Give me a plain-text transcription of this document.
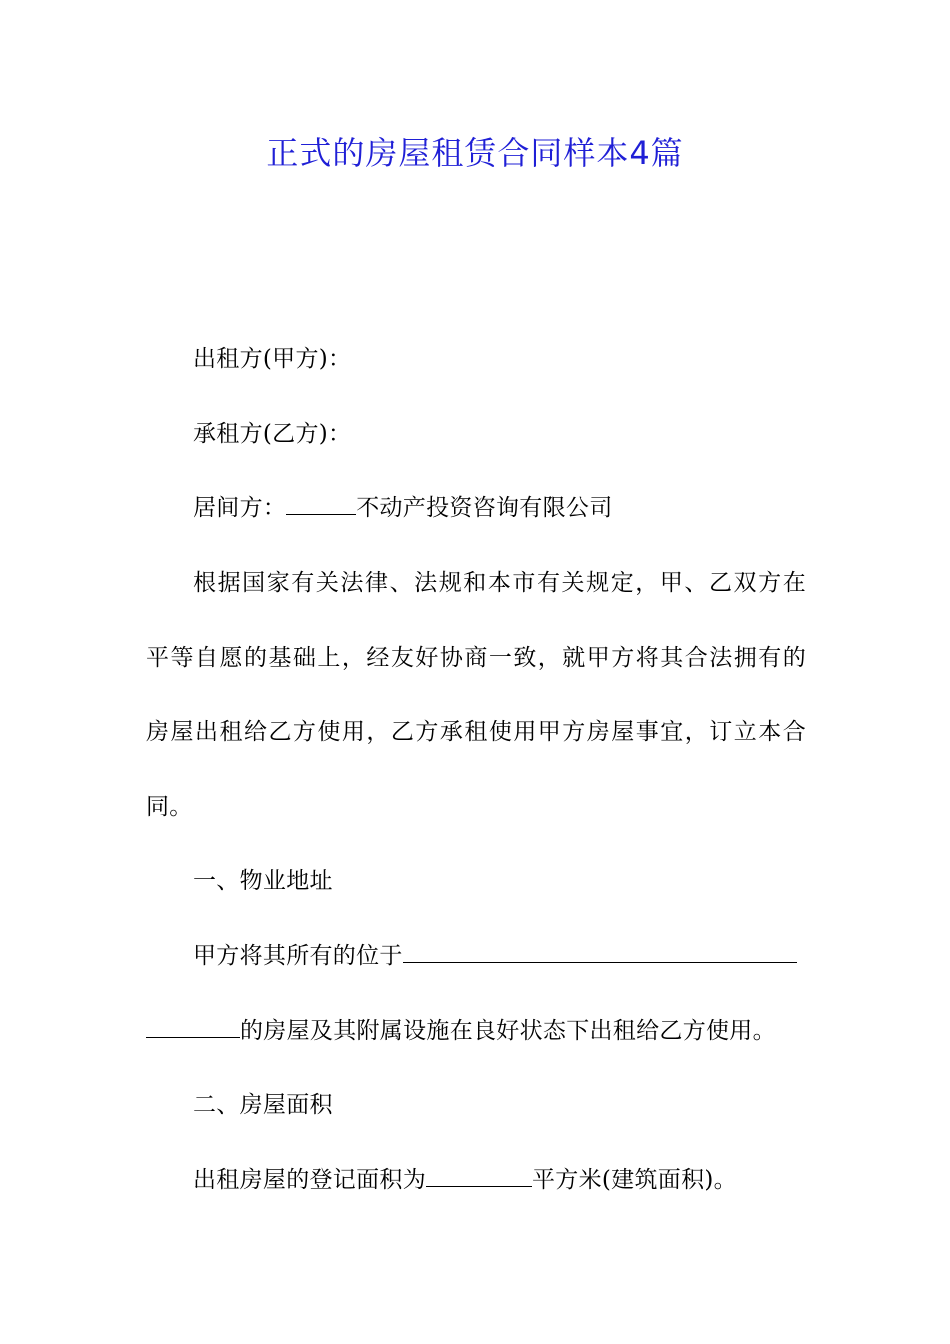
正式的房屋租赁合同样本4篇
出租方(甲方)：
承租方(乙方)：
居间方：	不动产投资咨询有限公司
根据国家有关法律、法规和本市有关规定，甲、乙双方在
平等自愿的基础上，经友好协商一致，就甲方将其合法拥有的
房屋出租给乙方使用，乙方承租使用甲方房屋事宜，订立本合
同。
一、物业地址
甲方将其所有的位于
的房屋及其附属设施在良好状态下出租给乙方使用。
二、房屋面积
出租房屋的登记面积为	平方米(建筑面积)。
